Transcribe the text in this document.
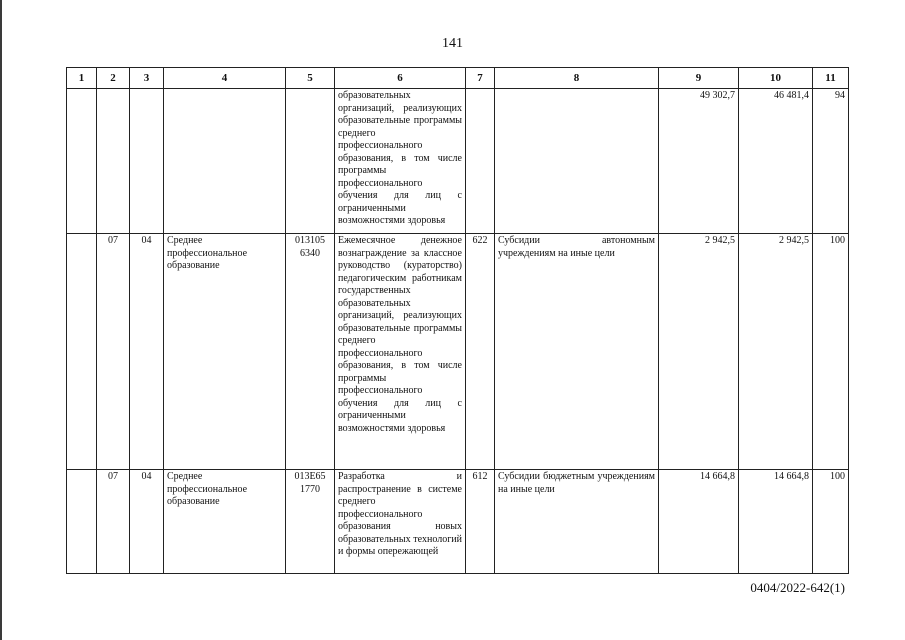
141
1	2	3	4	5	6	7	8	9	10	11
					образовательных организаций, реализующих образовательные программы среднего профессионального образования, в том числе программы профессионального обучения для лиц с ограниченными возможностями здоровья			49 302,7	46 481,4	94
	07	04	Среднее профессиональное образование	013105 6340	Ежемесячное денежное вознаграждение за классное руководство (кураторство) педагогическим работникам государственных образовательных организаций, реализующих образовательные программы среднего профессионального образования, в том числе программы профессионального обучения для лиц с ограниченными возможностями здоровья	622	Субсидии автономным учреждениям на иные цели	2 942,5	2 942,5	100
	07	04	Среднее профессиональное образование	013E65 1770	Разработка и распространение в системе среднего профессионального образования новых образовательных технологий и формы опережающей	612	Субсидии бюджетным учреждениям на иные цели	14 664,8	14 664,8	100
0404/2022-642(1)
